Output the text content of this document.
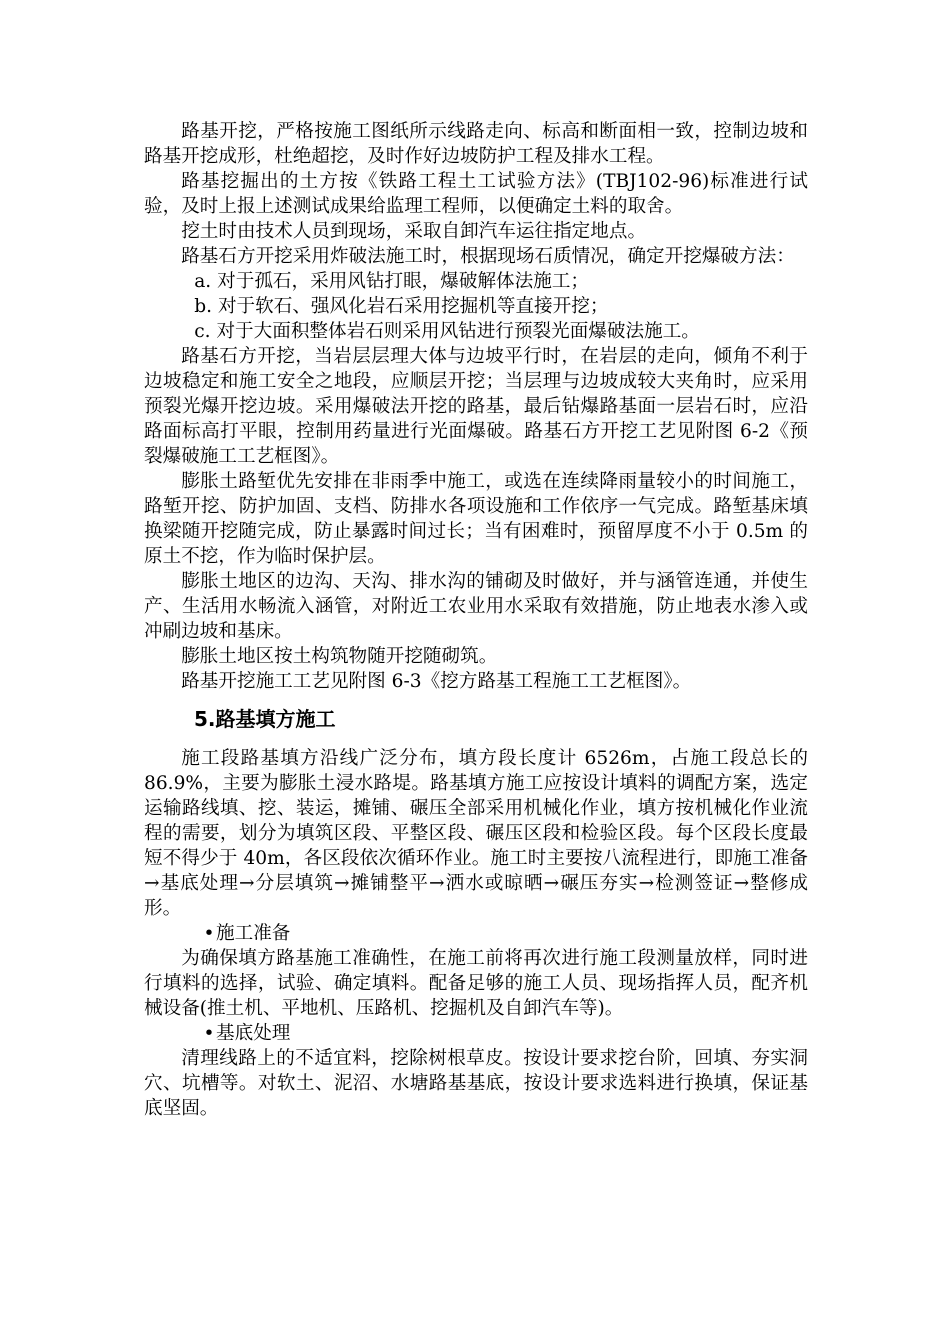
路基开挖，严格按施工图纸所示线路走向、标高和断面相一致，控制边坡和路基开挖成形，杜绝超挖，及时作好边坡防护工程及排水工程。

路基挖掘出的土方按《铁路工程土工试验方法》(TBJ102-96)标准进行试验，及时上报上述测试成果给监理工程师，以便确定土料的取舍。

挖土时由技术人员到现场，采取自卸汽车运往指定地点。

路基石方开挖采用炸破法施工时，根据现场石质情况，确定开挖爆破方法：

a. 对于孤石，采用风钻打眼，爆破解体法施工；

b. 对于软石、强风化岩石采用挖掘机等直接开挖；

c. 对于大面积整体岩石则采用风钻进行预裂光面爆破法施工。

路基石方开挖，当岩层层理大体与边坡平行时，在岩层的走向，倾角不利于边坡稳定和施工安全之地段，应顺层开挖；当层理与边坡成较大夹角时，应采用预裂光爆开挖边坡。采用爆破法开挖的路基，最后钻爆路基面一层岩石时，应沿路面标高打平眼，控制用药量进行光面爆破。路基石方开挖工艺见附图 6-2《预裂爆破施工工艺框图》。

膨胀土路堑优先安排在非雨季中施工，或选在连续降雨量较小的时间施工，路堑开挖、防护加固、支档、防排水各项设施和工作依序一气完成。路堑基床填换梁随开挖随完成，防止暴露时间过长；当有困难时，预留厚度不小于 0.5m 的原土不挖，作为临时保护层。

膨胀土地区的边沟、天沟、排水沟的铺砌及时做好，并与涵管连通，并使生产、生活用水畅流入涵管，对附近工农业用水采取有效措施，防止地表水渗入或冲刷边坡和基床。

膨胀土地区按土构筑物随开挖随砌筑。

路基开挖施工工艺见附图 6-3《挖方路基工程施工工艺框图》。

5.路基填方施工

施工段路基填方沿线广泛分布，填方段长度计 6526m，占施工段总长的 86.9%，主要为膨胀土浸水路堤。路基填方施工应按设计填料的调配方案，选定运输路线填、挖、装运，摊铺、碾压全部采用机械化作业，填方按机械化作业流程的需要，划分为填筑区段、平整区段、碾压区段和检验区段。每个区段长度最短不得少于 40m，各区段依次循环作业。施工时主要按八流程进行，即施工准备→基底处理→分层填筑→摊铺整平→洒水或晾晒→碾压夯实→检测签证→整修成形。

•施工准备

为确保填方路基施工准确性，在施工前将再次进行施工段测量放样，同时进行填料的选择，试验、确定填料。配备足够的施工人员、现场指挥人员，配齐机械设备(推土机、平地机、压路机、挖掘机及自卸汽车等)。

•基底处理

清理线路上的不适宜料，挖除树根草皮。按设计要求挖台阶，回填、夯实洞穴、坑槽等。对软土、泥沼、水塘路基基底，按设计要求选料进行换填，保证基底坚固。
